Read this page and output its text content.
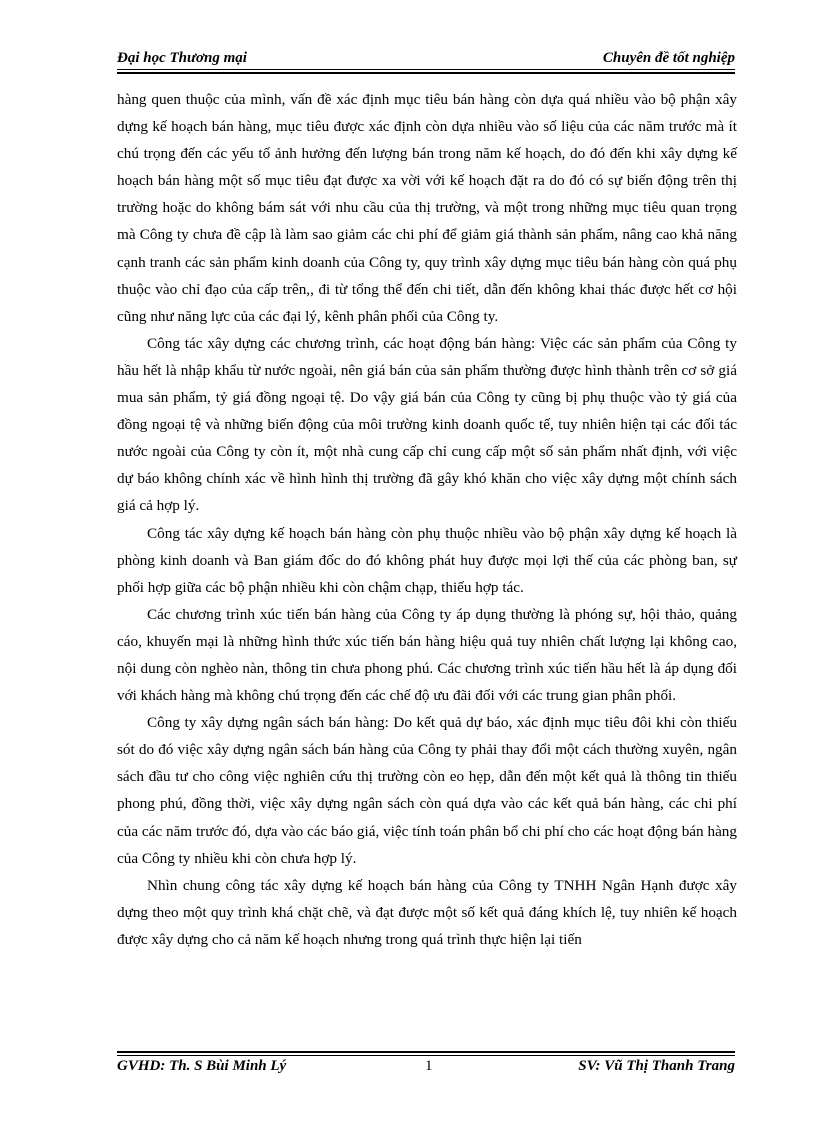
Đại học Thương mại	Chuyên đề tốt nghiệp

hàng quen thuộc của mình, vấn đề xác định mục tiêu bán hàng còn dựa quá nhiều vào bộ phận xây dựng kế hoạch bán hàng, mục tiêu được xác định còn dựa nhiều vào số liệu của các năm trước mà ít chú trọng đến các yếu tố ảnh hưởng đến lượng bán trong năm kế hoạch, do đó đến khi xây dựng kế hoạch bán hàng một số mục tiêu đạt được xa vời với kế hoạch đặt ra do đó có sự biến động trên thị trường hoặc do không bám sát với nhu cầu của thị trường, và một trong những mục tiêu quan trọng mà Công ty chưa đề cập là làm sao giảm các chi phí để giảm giá thành sản phẩm, nâng cao khả năng cạnh tranh các sản phẩm kinh doanh của Công ty, quy trình xây dựng mục tiêu bán hàng còn quá phụ thuộc vào chỉ đạo của cấp trên,, đi từ tổng thể đến chi tiết, dẫn đến không khai thác được hết cơ hội cũng như năng lực của các đại lý, kênh phân phối của Công ty.

Công tác xây dựng các chương trình, các hoạt động bán hàng: Việc các sản phẩm của Công ty hầu hết là nhập khẩu từ nước ngoài, nên giá bán của sản phẩm thường được hình thành trên cơ sở giá mua sản phẩm, tỷ giá đồng ngoại tệ. Do vậy giá bán của Công ty cũng bị phụ thuộc vào tỷ giá của đồng ngoại tệ và những biến động của môi trường kinh doanh quốc tế, tuy nhiên hiện tại các đối tác nước ngoài của Công ty còn ít, một nhà cung cấp chỉ cung cấp một số sản phẩm nhất định, với việc dự báo không chính xác về hình hình thị trường đã gây khó khăn cho việc xây dựng một chính sách giá cả hợp lý.

Công tác xây dựng kế hoạch bán hàng còn phụ thuộc nhiều vào bộ phận xây dựng kế hoạch là phòng kinh doanh và Ban giám đốc do đó không phát huy được mọi lợi thế của các phòng ban, sự phối hợp giữa các bộ phận nhiều khi còn chậm chạp, thiếu hợp tác.

Các chương trình xúc tiến bán hàng của Công ty áp dụng thường là phóng sự, hội thảo, quảng cáo, khuyến mại là những hình thức xúc tiến bán hàng hiệu quả tuy nhiên chất lượng lại không cao, nội dung còn nghèo nàn, thông tin chưa phong phú. Các chương trình xúc tiến hầu hết là áp dụng đối với khách hàng mà không chú trọng đến các chế độ ưu đãi đối với các trung gian phân phối.

Công ty xây dựng ngân sách bán hàng: Do kết quả dự báo, xác định mục tiêu đôi khi còn thiếu sót do đó việc xây dựng ngân sách bán hàng của Công ty phải thay đổi một cách thường xuyên, ngân sách đầu tư cho công việc nghiên cứu thị trường còn eo hẹp, dẫn đến một kết quả là thông tin thiếu phong phú, đồng thời, việc xây dựng ngân sách còn quá dựa vào các kết quả bán hàng, các chi phí của các năm trước đó, dựa vào các báo giá, việc tính toán phân bổ chi phí cho các hoạt động bán hàng của Công ty nhiều khi còn chưa hợp lý.

Nhìn chung công tác xây dựng kế hoạch bán hàng của Công ty TNHH Ngân Hạnh được xây dựng theo một quy trình khá chặt chẽ, và đạt được một số kết quả đáng khích lệ, tuy nhiên kế hoạch được xây dựng cho cả năm kế hoạch nhưng trong quá trình thực hiện lại tiến

GVHD: Th. S Bùi Minh Lý	1	SV: Vũ Thị Thanh Trang
